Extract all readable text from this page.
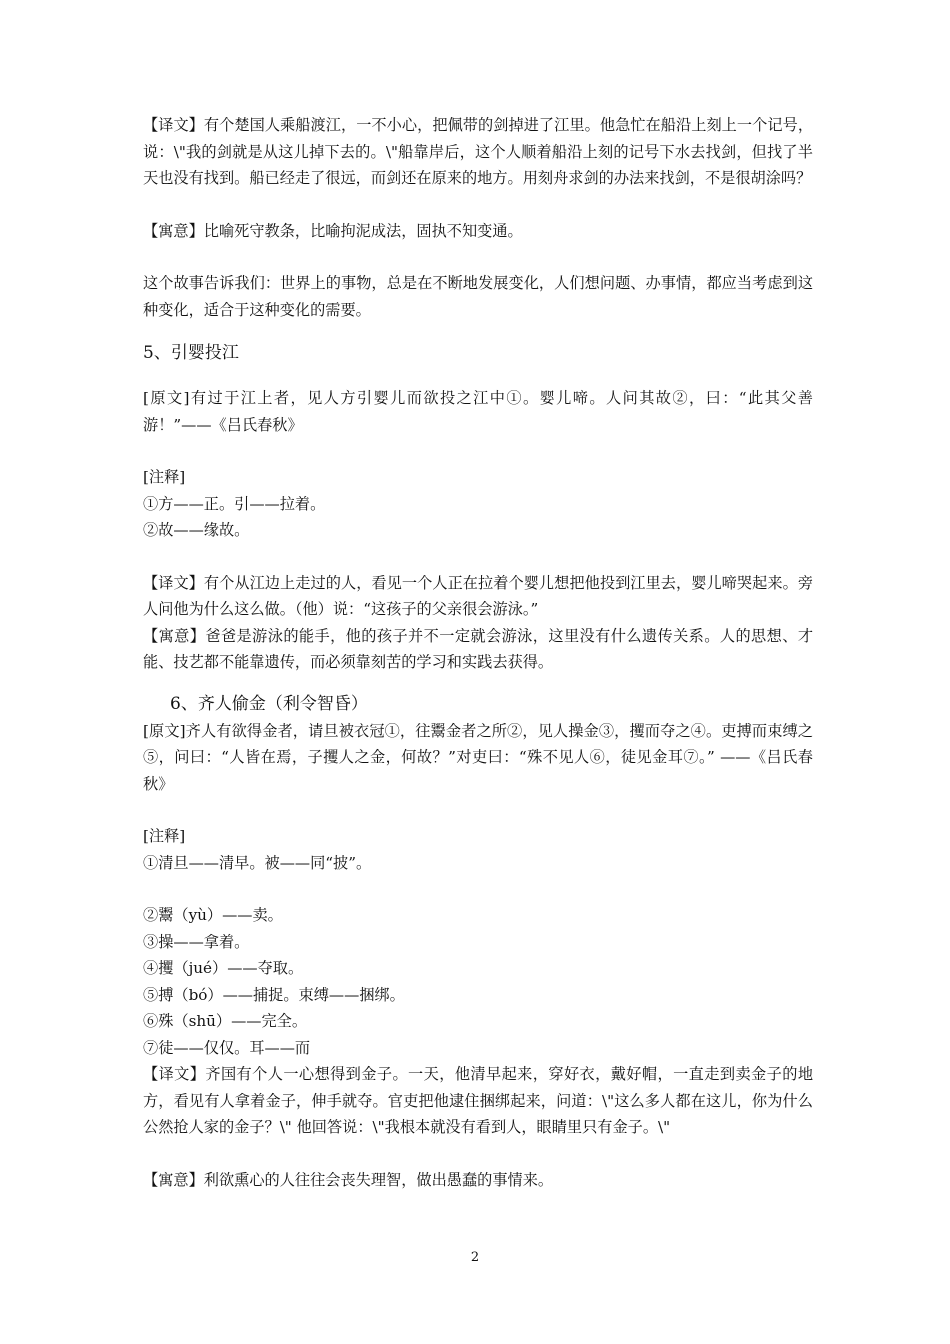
【译文】有个楚国人乘船渡江，一不小心，把佩带的剑掉进了江里。他急忙在船沿上刻上一个记号，说：\"我的剑就是从这儿掉下去的。\"船靠岸后，这个人顺着船沿上刻的记号下水去找剑，但找了半天也没有找到。船已经走了很远，而剑还在原来的地方。用刻舟求剑的办法来找剑，不是很胡涂吗？

【寓意】比喻死守教条，比喻拘泥成法，固执不知变通。

这个故事告诉我们：世界上的事物，总是在不断地发展变化，人们想问题、办事情，都应当考虑到这种变化，适合于这种变化的需要。

5、引婴投江

[原文]有过于江上者，见人方引婴儿而欲投之江中①。婴儿啼。人问其故②，曰：“此其父善游！”——《吕氏春秋》

[注释]

①方——正。引——拉着。

②故——缘故。

【译文】有个从江边上走过的人，看见一个人正在拉着个婴儿想把他投到江里去，婴儿啼哭起来。旁人问他为什么这么做。（他）说：“这孩子的父亲很会游泳。”

【寓意】爸爸是游泳的能手，他的孩子并不一定就会游泳，这里没有什么遗传关系。人的思想、才能、技艺都不能靠遗传，而必须靠刻苦的学习和实践去获得。

6、齐人偷金（利令智昏）

[原文]齐人有欲得金者，请旦被衣冠①，往鬻金者之所②，见人操金③，攫而夺之④。吏搏而束缚之⑤，问曰：“人皆在焉，子攫人之金，何故？”对吏曰：“殊不见人⑥，徒见金耳⑦。” ——《吕氏春秋》

[注释]

①清旦——清早。被——同“披”。

②鬻（yù）——卖。

③操——拿着。

④攫（jué）——夺取。

⑤搏（bó）——捕捉。束缚——捆绑。

⑥殊（shū）——完全。

⑦徒——仅仅。耳——而

【译文】齐国有个人一心想得到金子。一天，他清早起来，穿好衣，戴好帽，一直走到卖金子的地方，看见有人拿着金子，伸手就夺。官吏把他逮住捆绑起来，问道：\"这么多人都在这儿，你为什么公然抢人家的金子？\" 他回答说：\"我根本就没有看到人，眼睛里只有金子。\"

【寓意】利欲熏心的人往往会丧失理智，做出愚蠢的事情来。

2
